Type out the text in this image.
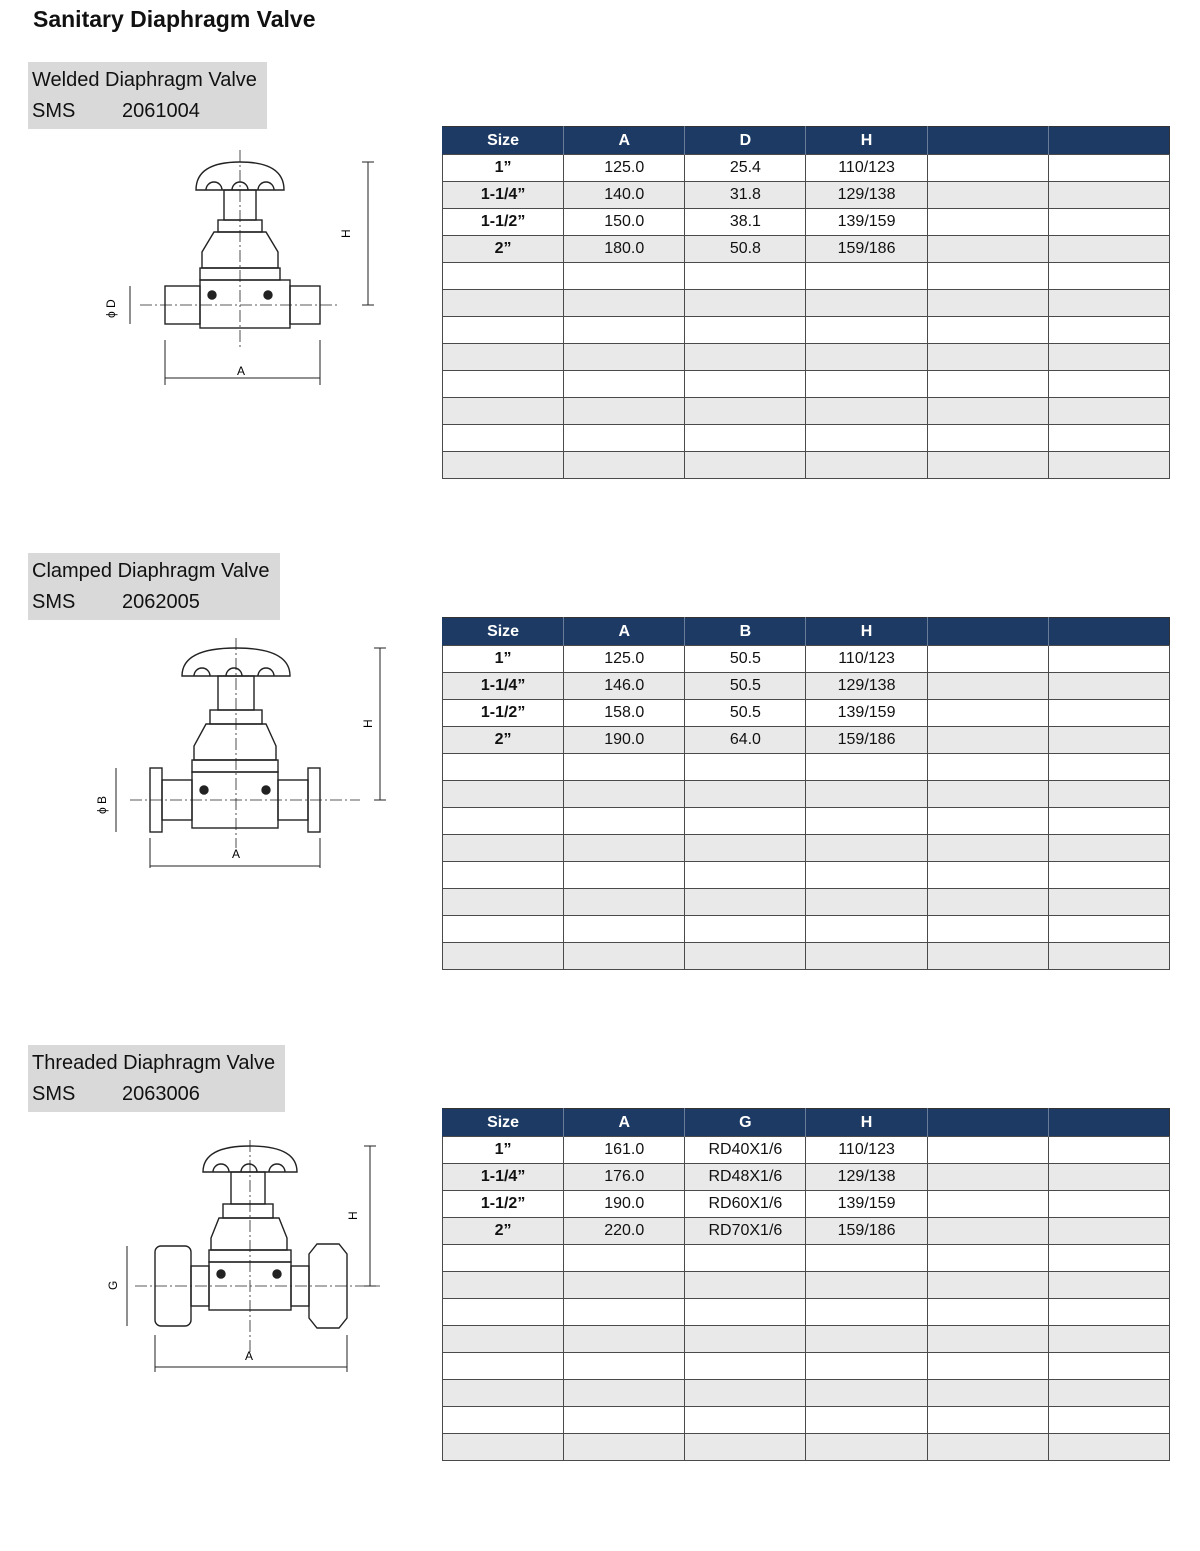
Sanitary Diaphragm Valve
Welded Diaphragm Valve
SMS 2061004
H
A
ϕ D
Size	A	D	H		
1”	125.0	25.4	110/123		
1-1/4”	140.0	31.8	129/138		
1-1/2”	150.0	38.1	139/159		
2”	180.0	50.8	159/186		

Clamped Diaphragm Valve
SMS 2062005
H
A
ϕ B
Size	A	B	H		
1”	125.0	50.5	110/123		
1-1/4”	146.0	50.5	129/138		
1-1/2”	158.0	50.5	139/159		
2”	190.0	64.0	159/186		

Threaded Diaphragm Valve
SMS 2063006
H
A
G
Size	A	G	H		
1”	161.0	RD40X1/6	110/123		
1-1/4”	176.0	RD48X1/6	129/138		
1-1/2”	190.0	RD60X1/6	139/159		
2”	220.0	RD70X1/6	159/186		
